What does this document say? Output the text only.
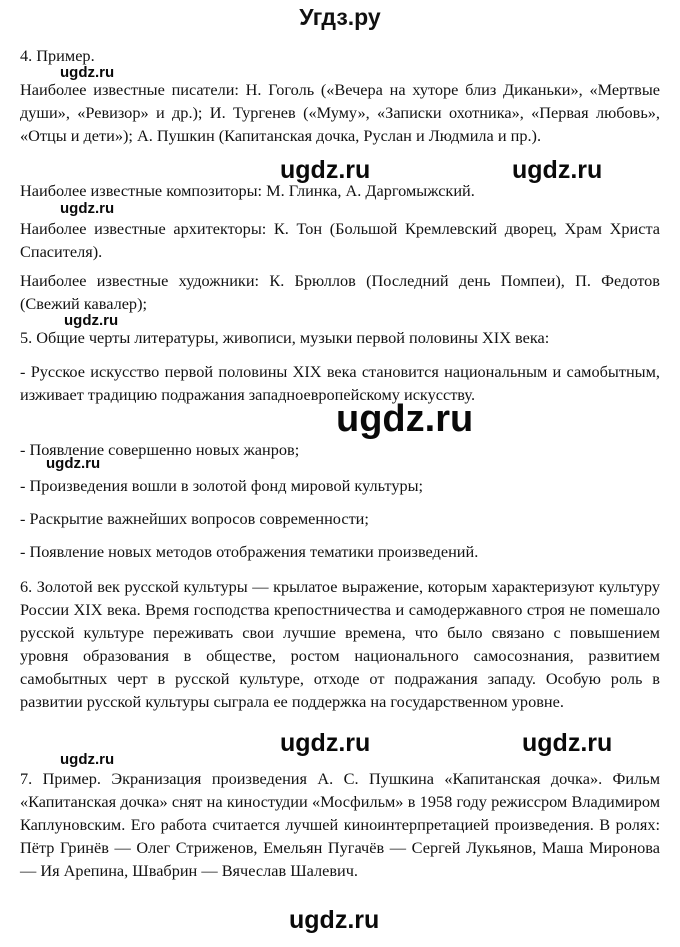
Угдз.ру

4. Пример.

Наиболее известные писатели: Н. Гоголь («Вечера на хуторе близ Диканьки», «Мертвые души», «Ревизор» и др.); И. Тургенев («Муму», «Записки охотника», «Первая любовь», «Отцы и дети»); А. Пушкин (Капитанская дочка, Руслан и Людмила и пр.).

Наиболее известные композиторы: М. Глинка, А. Даргомыжский.

Наиболее известные архитекторы: К. Тон (Большой Кремлевский дворец, Храм Христа Спасителя).

Наиболее известные художники: К. Брюллов (Последний день Помпеи), П. Федотов (Свежий кавалер);

5. Общие черты литературы, живописи, музыки первой половины XIX века:

- Русское искусство первой половины XIX века становится национальным и самобытным, изживает традицию подражания западноевропейскому искусству.

- Появление совершенно новых жанров;

- Произведения вошли в золотой фонд мировой культуры;

- Раскрытие важнейших вопросов современности;

- Появление новых методов отображения тематики произведений.

6. Золотой век русской культуры — крылатое выражение, которым характеризуют культуру России XIX века. Время господства крепостничества и самодержавного строя не помешало русской культуре переживать свои лучшие времена, что было связано с повышением уровня образования в обществе, ростом национального самосознания, развитием самобытных черт в русской культуре, отходе от подражания западу. Особую роль в развитии русской культуры сыграла ее поддержка на государственном уровне.

7. Пример. Экранизация произведения А. С. Пушкина «Капитанская дочка». Фильм «Капитанская дочка» снят на киностудии «Мосфильм» в 1958 году режиссром Владимиром Каплуновским. Его работа считается лучшей киноинтерпретацией произведения. В ролях: Пётр Гринёв — Олег Стриженов, Емельян Пугачёв — Сергей Лукьянов, Маша Миронова — Ия Арепина, Швабрин — Вячеслав Шалевич.

ugdz.ru
ugdz.ru	ugdz.ru
ugdz.ru
ugdz.ru
ugdz.ru
ugdz.ru
ugdz.ru	ugdz.ru
ugdz.ru
ugdz.ru
